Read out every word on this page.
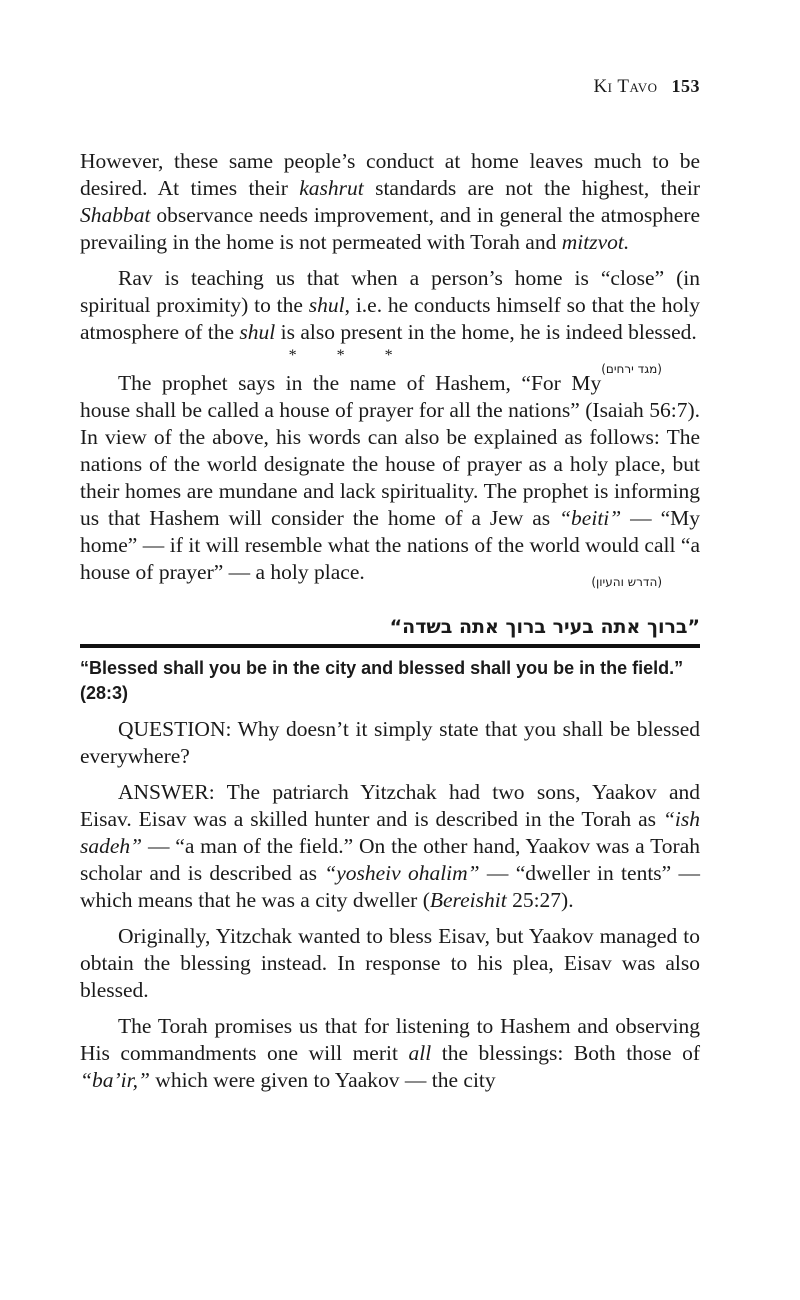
Ki Tavo 153

However, these same people’s conduct at home leaves much to be desired. At times their kashrut standards are not the highest, their Shabbat observance needs improvement, and in general the atmosphere prevailing in the home is not permeated with Torah and mitzvot.

Rav is teaching us that when a person’s home is “close” (in spiritual proximity) to the shul, i.e. he conducts himself so that the holy atmosphere of the shul is also present in the home, he is indeed blessed.
(מגד ירחים)

* * *

The prophet says in the name of Hashem, “For My house shall be called a house of prayer for all the nations” (Isaiah 56:7). In view of the above, his words can also be explained as follows: The nations of the world designate the house of prayer as a holy place, but their homes are mundane and lack spirituality. The prophet is informing us that Hashem will consider the home of a Jew as “beiti” — “My home” — if it will resemble what the nations of the world would call “a house of prayer” — a holy place.	(הדרש והעיון)

”ברוך אתה בעיר ברוך אתה בשדה“
“Blessed shall you be in the city and blessed shall you be in the field.” (28:3)

QUESTION: Why doesn’t it simply state that you shall be blessed everywhere?

ANSWER: The patriarch Yitzchak had two sons, Yaakov and Eisav. Eisav was a skilled hunter and is described in the Torah as “ish sadeh” — “a man of the field.” On the other hand, Yaakov was a Torah scholar and is described as “yosheiv ohalim” — “dweller in tents” — which means that he was a city dweller (Bereishit 25:27).

Originally, Yitzchak wanted to bless Eisav, but Yaakov managed to obtain the blessing instead. In response to his plea, Eisav was also blessed.

The Torah promises us that for listening to Hashem and observing His commandments one will merit all the blessings: Both those of “ba’ir,” which were given to Yaakov — the city
